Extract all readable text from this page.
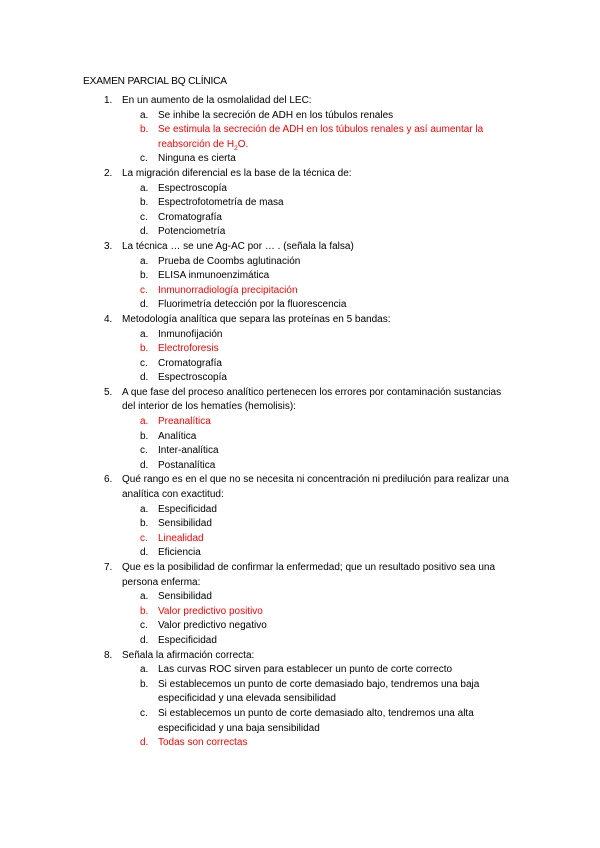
EXAMEN PARCIAL BQ CLÍNICA
1. En un aumento de la osmolalidad del LEC:
a. Se inhibe la secreción de ADH en los túbulos renales
b. Se estimula la secreción de ADH en los túbulos renales y así aumentar la reabsorción de $H_2O$.
c. Ninguna es cierta
2. La migración diferencial es la base de la técnica de:
a. Espectroscopía
b. Espectrofotometría de masa
c. Cromatografía
d. Potenciometría
3. La técnica … se une Ag-AC por … . (señala la falsa)
a. Prueba de Coombs aglutinación
b. ELISA inmunoenzimática
c. Inmunorradiología precipitación
d. Fluorimetría detección por la fluorescencia
4. Metodología analítica que separa las proteínas en 5 bandas:
a. Inmunofijación
b. Electroforesis
c. Cromatografía
d. Espectroscopía
5. A que fase del proceso analítico pertenecen los errores por contaminación sustancias del interior de los hematíes (hemolisis):
a. Preanalítica
b. Analítica
c. Inter-analítica
d. Postanalítica
6. Qué rango es en el que no se necesita ni concentración ni predilución para realizar una analítica con exactitud:
a. Especificidad
b. Sensibilidad
c. Linealidad
d. Eficiencia
7. Que es la posibilidad de confirmar la enfermedad; que un resultado positivo sea una persona enferma:
a. Sensibilidad
b. Valor predictivo positivo
c. Valor predictivo negativo
d. Especificidad
8. Señala la afirmación correcta:
a. Las curvas ROC sirven para establecer un punto de corte correcto
b. Si establecemos un punto de corte demasiado bajo, tendremos una baja especificidad y una elevada sensibilidad
c. Si establecemos un punto de corte demasiado alto, tendremos una alta especificidad y una baja sensibilidad
d. Todas son correctas
